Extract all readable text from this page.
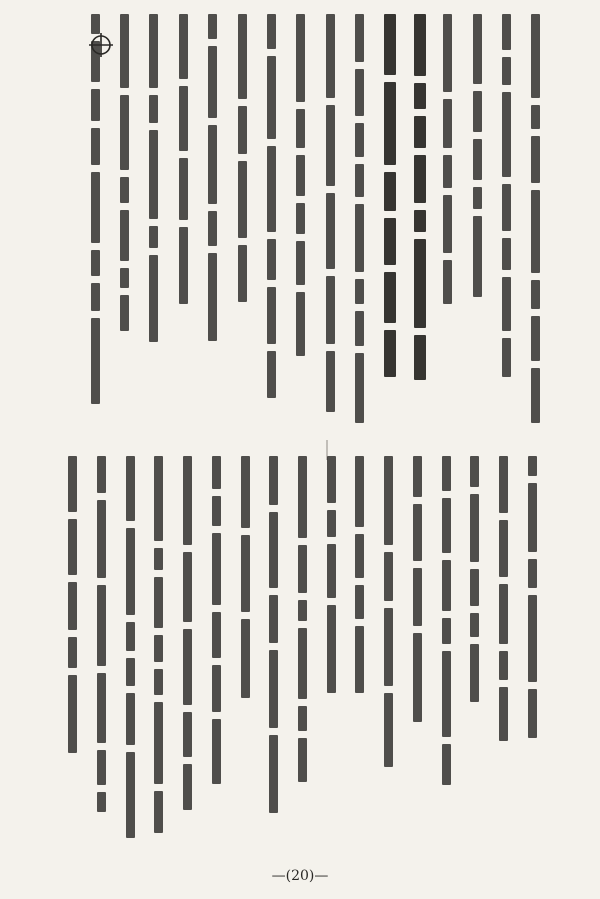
—(20)—
